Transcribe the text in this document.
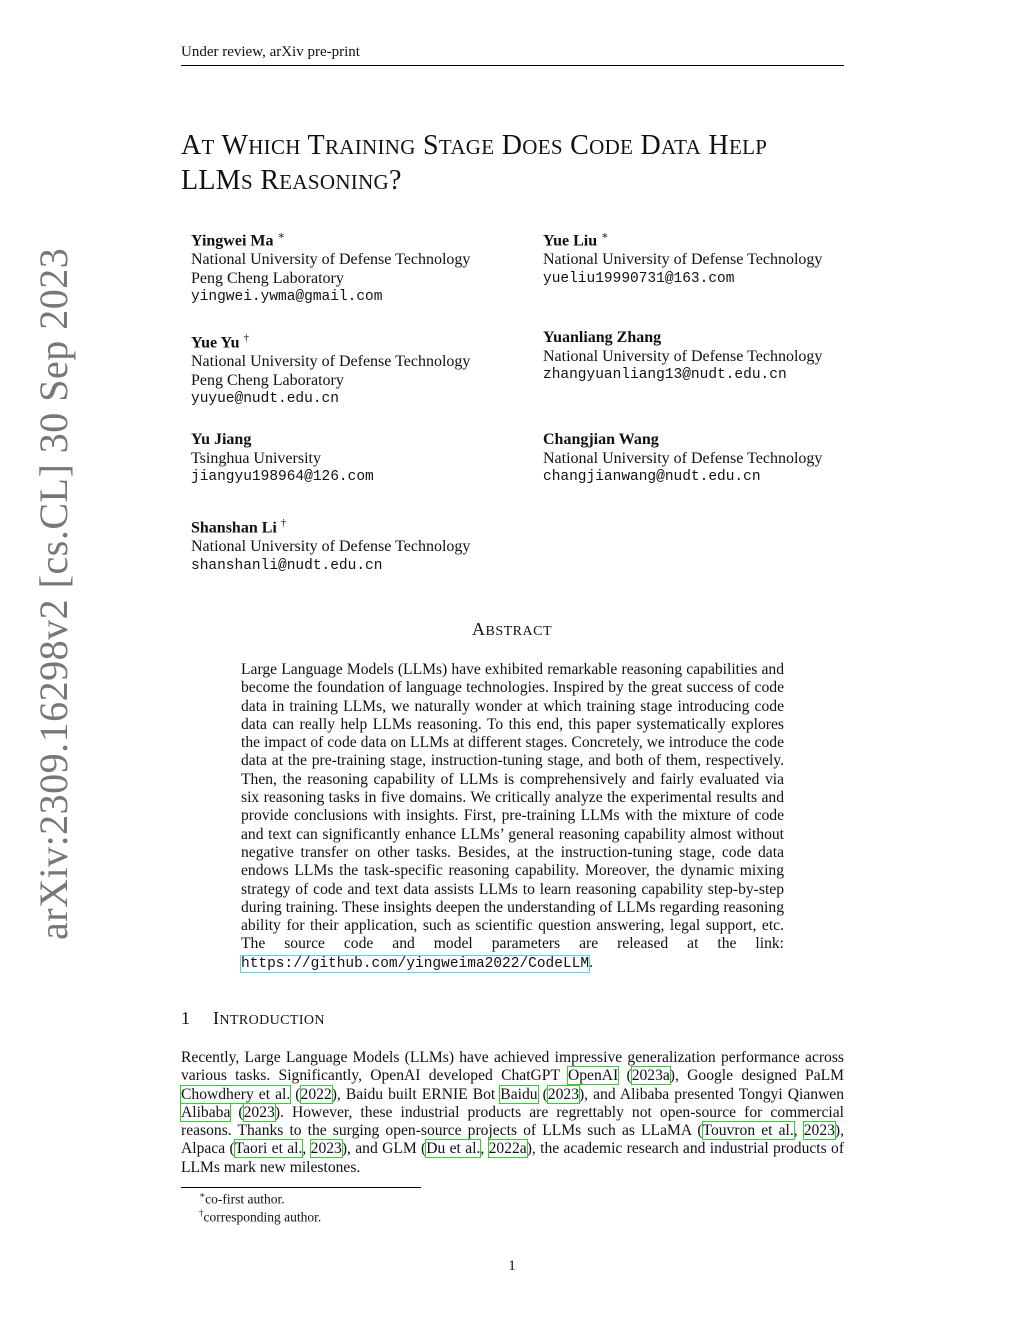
Under review, arXiv pre-print
arXiv:2309.16298v2 [cs.CL] 30 Sep 2023
AT WHICH TRAINING STAGE DOES CODE DATA HELP
LLMS REASONING?
Yingwei Ma ∗
National University of Defense Technology
Peng Cheng Laboratory
yingwei.ywma@gmail.com
Yue Liu ∗
National University of Defense Technology
yueliu19990731@163.com
Yue Yu †
National University of Defense Technology
Peng Cheng Laboratory
yuyue@nudt.edu.cn
Yuanliang Zhang
National University of Defense Technology
zhangyuanliang13@nudt.edu.cn
Yu Jiang
Tsinghua University
jiangyu198964@126.com
Changjian Wang
National University of Defense Technology
changjianwang@nudt.edu.cn
Shanshan Li †
National University of Defense Technology
shanshanli@nudt.edu.cn
ABSTRACT
Large Language Models (LLMs) have exhibited remarkable reasoning capabilities and become the foundation of language technologies. Inspired by the great success of code data in training LLMs, we naturally wonder at which training stage introducing code data can really help LLMs reasoning. To this end, this paper systematically explores the impact of code data on LLMs at different stages. Concretely, we introduce the code data at the pre-training stage, instruction-tuning stage, and both of them, respectively. Then, the reasoning capability of LLMs is comprehensively and fairly evaluated via six reasoning tasks in five domains. We critically analyze the experimental results and provide conclusions with insights. First, pre-training LLMs with the mixture of code and text can significantly enhance LLMs’ general reasoning capability almost without negative transfer on other tasks. Besides, at the instruction-tuning stage, code data endows LLMs the task-specific reasoning capability. Moreover, the dynamic mixing strategy of code and text data assists LLMs to learn reasoning capability step-by-step during training. These insights deepen the understanding of LLMs regarding reasoning ability for their application, such as scientific question answering, legal support, etc. The source code and model parameters are released at the link: https://github.com/yingweima2022/CodeLLM.
1 INTRODUCTION
Recently, Large Language Models (LLMs) have achieved impressive generalization performance across various tasks. Significantly, OpenAI developed ChatGPT OpenAI (2023a), Google designed PaLM Chowdhery et al. (2022), Baidu built ERNIE Bot Baidu (2023), and Alibaba presented Tongyi Qianwen Alibaba (2023). However, these industrial products are regrettably not open-source for commercial reasons. Thanks to the surging open-source projects of LLMs such as LLaMA (Touvron et al., 2023), Alpaca (Taori et al., 2023), and GLM (Du et al., 2022a), the academic research and industrial products of LLMs mark new milestones.
∗co-first author.
†corresponding author.
1
